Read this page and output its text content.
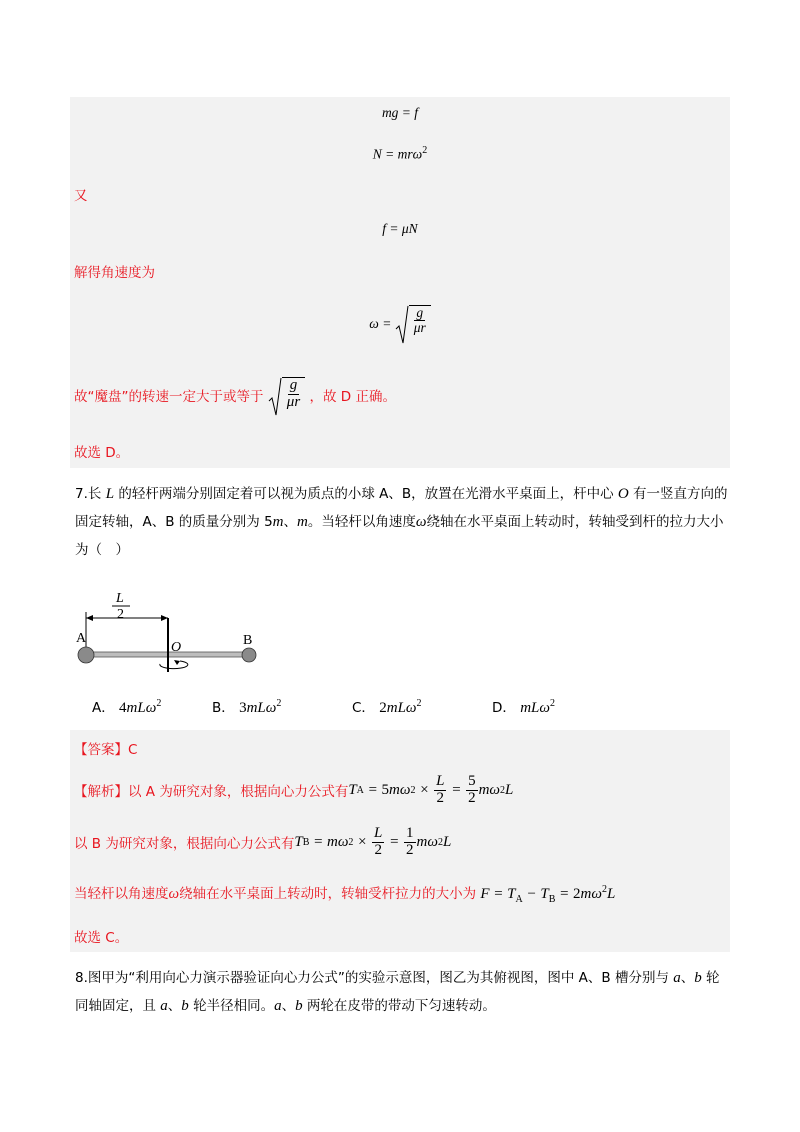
mg = f
N = mrω$^2$
又
f = μN
解得角速度为
$\omega = \frac{g}{\mu r}$
故“魔盘”的转速一定大于或等于 $\frac{g}{\mu r}$ ，故 D 正确。
故选 D。
7.长 L 的轻杆两端分别固定着可以视为质点的小球 A、B，放置在光滑水平桌面上，杆中心 O 有一竖直方向的固定转轴，A、B 的质量分别为 5m、m。当轻杆以角速度ω绕轴在水平桌面上转动时，转轴受到杆的拉力大小为（　）
L
2
A	B
O
A． 4mLω$^2$	B． 3mLω$^2$	C． 2mLω$^2$	D． mLω$^2$
【答案】C
【解析】 以 A 为研究对象，根据向心力公式有 T A = 5 mω $2 \times \frac{L}{2} = \frac{5}{2}$ mω 2 L
以 B 为研究对象，根据向心力公式有 T B = mω $2 \times \frac{L}{2} = \frac{1}{2}$ mω 2 L
当轻杆以角速度ω绕轴在水平桌面上转动时，转轴受杆拉力的大小为 $F = T_A - T_B = 2m\omega^2L$
故选 C。
8.图甲为“利用向心力演示器验证向心力公式”的实验示意图，图乙为其俯视图，图中 A、B 槽分别与 a、b 轮同轴固定，且 a、b 轮半径相同。a、b 两轮在皮带的带动下匀速转动。
